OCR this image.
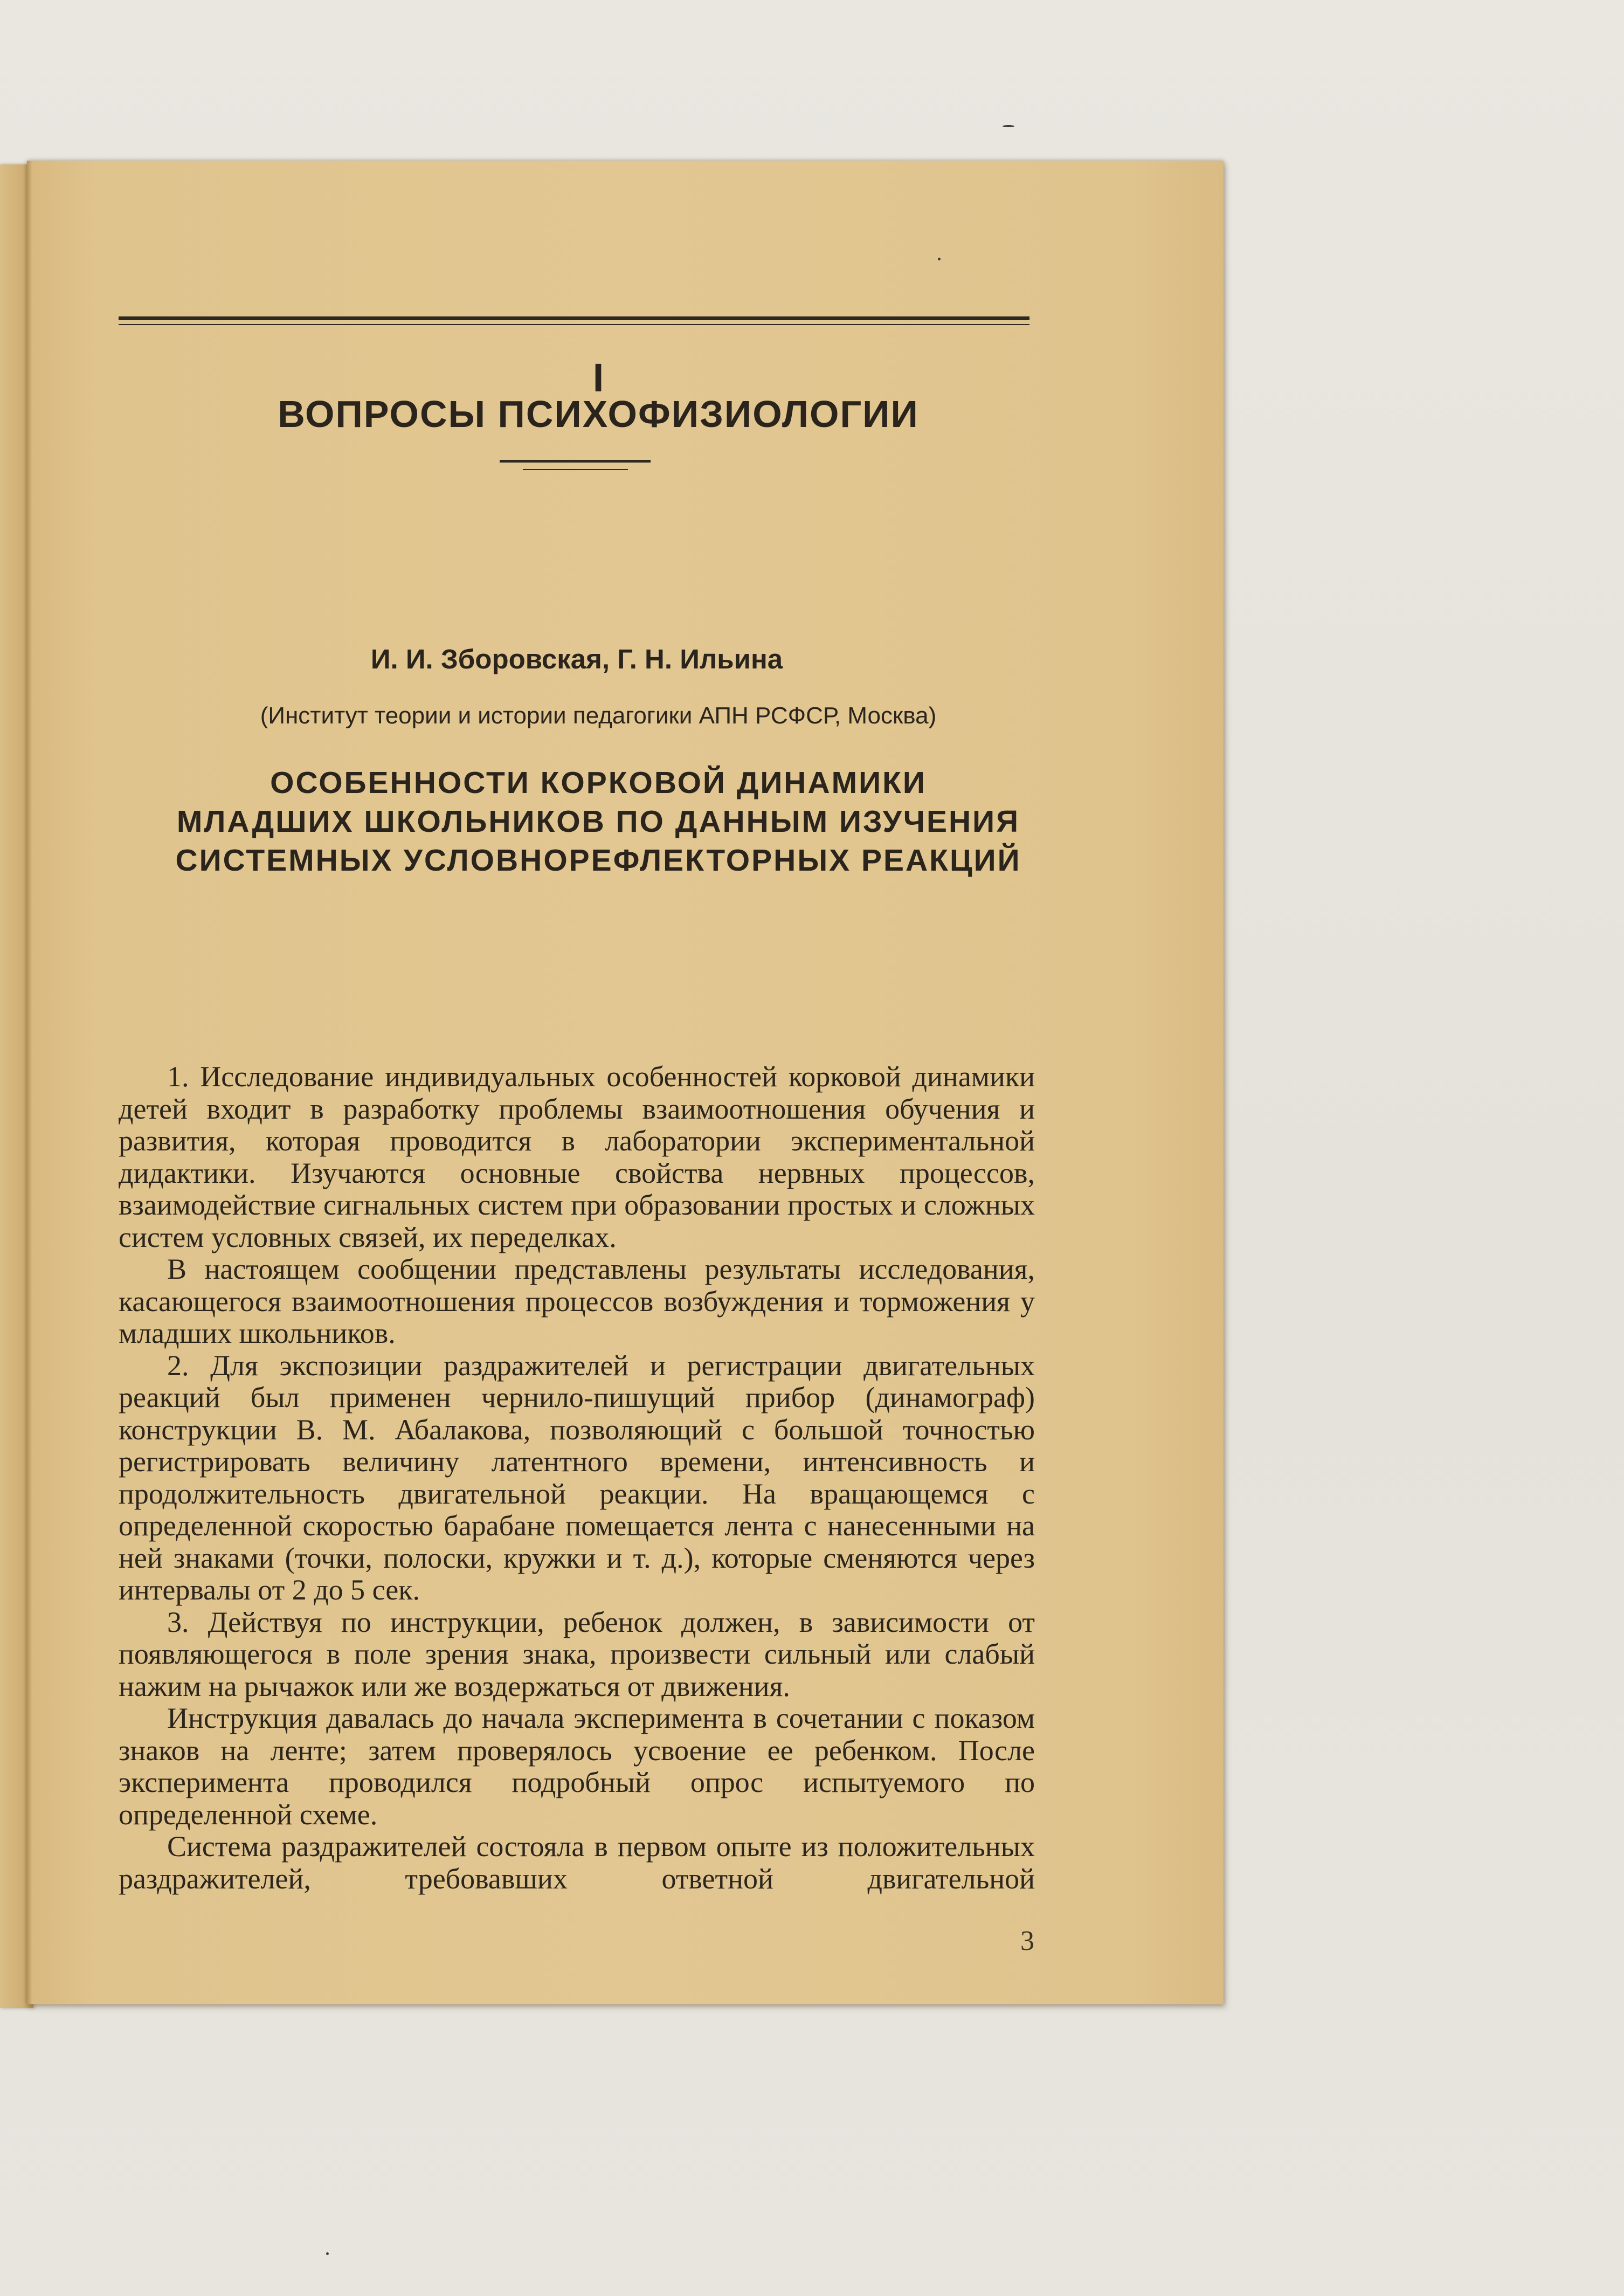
I
ВОПРОСЫ ПСИХОФИЗИОЛОГИИ
И. И. Зборовская, Г. Н. Ильина
(Институт теории и истории педагогики АПН РСФСР, Москва)
ОСОБЕННОСТИ КОРКОВОЙ ДИНАМИКИ
МЛАДШИХ ШКОЛЬНИКОВ ПО ДАННЫМ ИЗУЧЕНИЯ
СИСТЕМНЫХ УСЛОВНОРЕФЛЕКТОРНЫХ РЕАКЦИЙ

1. Исследование индивидуальных особенностей корковой динамики детей входит в разработку проблемы взаимоотношения обучения и развития, которая проводится в лаборатории экспериментальной дидактики. Изучаются основные свойства нервных процессов, взаимодействие сигнальных систем при образовании простых и сложных систем условных связей, их переделках.

В настоящем сообщении представлены результаты исследования, касающегося взаимоотношения процессов возбуждения и торможения у младших школьников.

2. Для экспозиции раздражителей и регистрации двигательных реакций был применен чернило-пишущий прибор (динамограф) конструкции В. М. Абалакова, позволяющий с большой точностью регистрировать величину латентного времени, интенсивность и продолжительность двигательной реакции. На вращающемся с определенной скоростью барабане помещается лента с нанесенными на ней знаками (точки, полоски, кружки и т. д.), которые сменяются через интервалы от 2 до 5 сек.

3. Действуя по инструкции, ребенок должен, в зависимости от появляющегося в поле зрения знака, произвести сильный или слабый нажим на рычажок или же воздержаться от движения.

Инструкция давалась до начала эксперимента в сочетании с показом знаков на ленте; затем проверялось усвоение ее ребенком. После эксперимента проводился подробный опрос испытуемого по определенной схеме.

Система раздражителей состояла в первом опыте из положительных раздражителей, требовавших ответной двигательной

3
